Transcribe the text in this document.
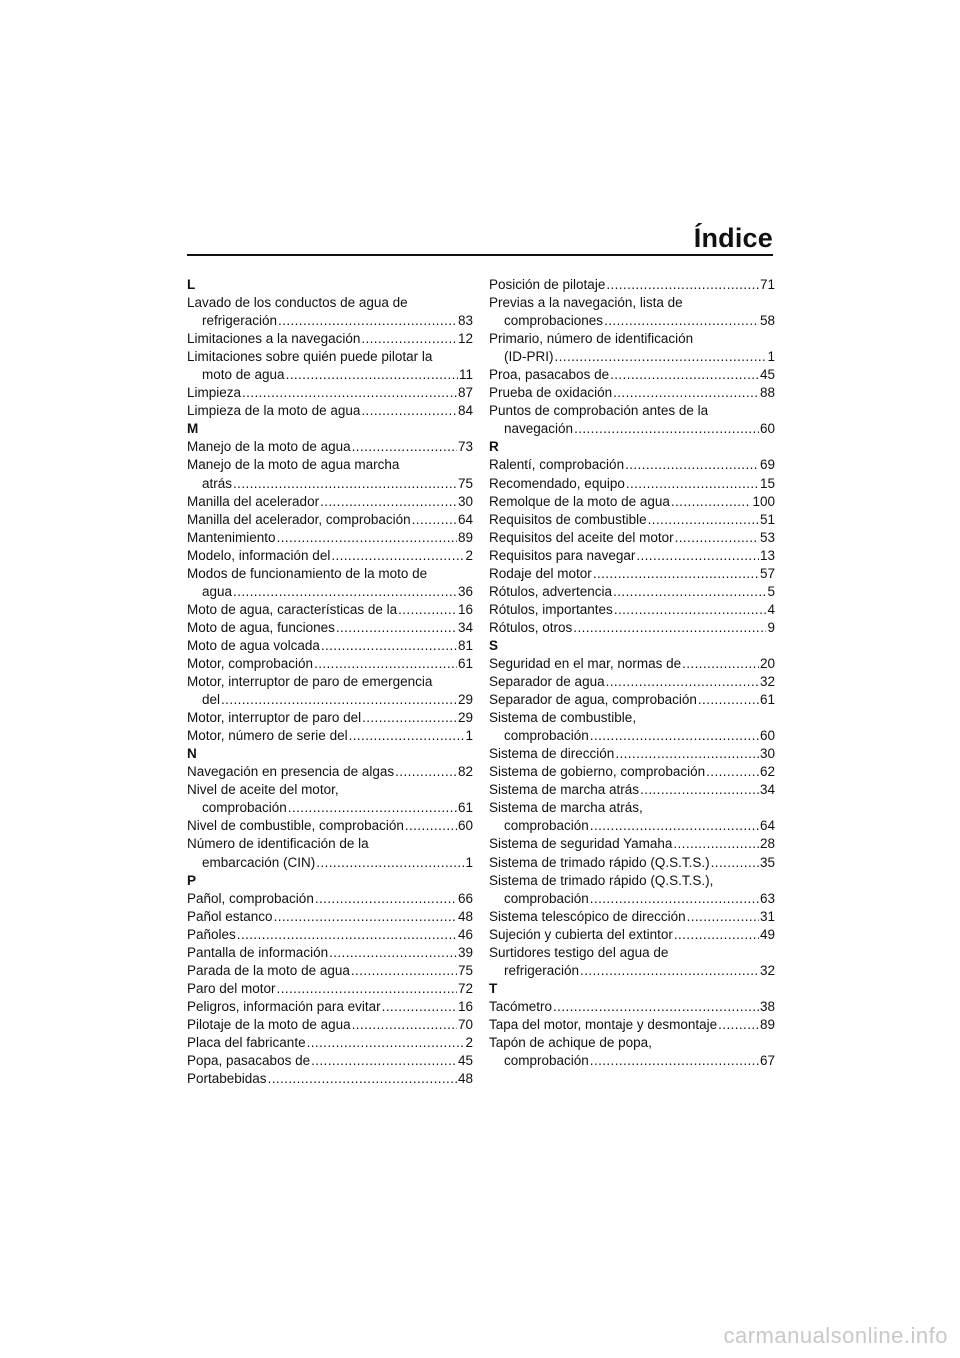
Índice
L
Lavado de los conductos de agua de
refrigeración .....	83
Limitaciones a la navegación .....	12
Limitaciones sobre quién puede pilotar la
moto de agua .....	11
Limpieza .....	87
Limpieza de la moto de agua .....	84
M
Manejo de la moto de agua .....	73
Manejo de la moto de agua marcha
atrás .....	75
Manilla del acelerador .....	30
Manilla del acelerador, comprobación .....	64
Mantenimiento .....	89
Modelo, información del .....	2
Modos de funcionamiento de la moto de
agua .....	36
Moto de agua, características de la .....	16
Moto de agua, funciones .....	34
Moto de agua volcada .....	81
Motor, comprobación .....	61
Motor, interruptor de paro de emergencia
del .....	29
Motor, interruptor de paro del .....	29
Motor, número de serie del .....	1
N
Navegación en presencia de algas .....	82
Nivel de aceite del motor,
comprobación .....	61
Nivel de combustible, comprobación .....	60
Número de identificación de la
embarcación (CIN) .....	1
P
Pañol, comprobación .....	66
Pañol estanco .....	48
Pañoles .....	46
Pantalla de información .....	39
Parada de la moto de agua .....	75
Paro del motor .....	72
Peligros, información para evitar .....	16
Pilotaje de la moto de agua .....	70
Placa del fabricante .....	2
Popa, pasacabos de .....	45
Portabebidas .....	48
Posición de pilotaje .....	71
Previas a la navegación, lista de
comprobaciones .....	58
Primario, número de identificación
(ID-PRI) .....	1
Proa, pasacabos de .....	45
Prueba de oxidación .....	88
Puntos de comprobación antes de la
navegación .....	60
R
Ralentí, comprobación .....	69
Recomendado, equipo .....	15
Remolque de la moto de agua .....	100
Requisitos de combustible .....	51
Requisitos del aceite del motor .....	53
Requisitos para navegar .....	13
Rodaje del motor .....	57
Rótulos, advertencia .....	5
Rótulos, importantes .....	4
Rótulos, otros .....	9
S
Seguridad en el mar, normas de .....	20
Separador de agua .....	32
Separador de agua, comprobación .....	61
Sistema de combustible,
comprobación .....	60
Sistema de dirección .....	30
Sistema de gobierno, comprobación .....	62
Sistema de marcha atrás .....	34
Sistema de marcha atrás,
comprobación .....	64
Sistema de seguridad Yamaha .....	28
Sistema de trimado rápido (Q.S.T.S.) .....	35
Sistema de trimado rápido (Q.S.T.S.),
comprobación .....	63
Sistema telescópico de dirección .....	31
Sujeción y cubierta del extintor .....	49
Surtidores testigo del agua de
refrigeración .....	32
T
Tacómetro .....	38
Tapa del motor, montaje y desmontaje .....	89
Tapón de achique de popa,
comprobación .....	67
carmanualsonline.info
